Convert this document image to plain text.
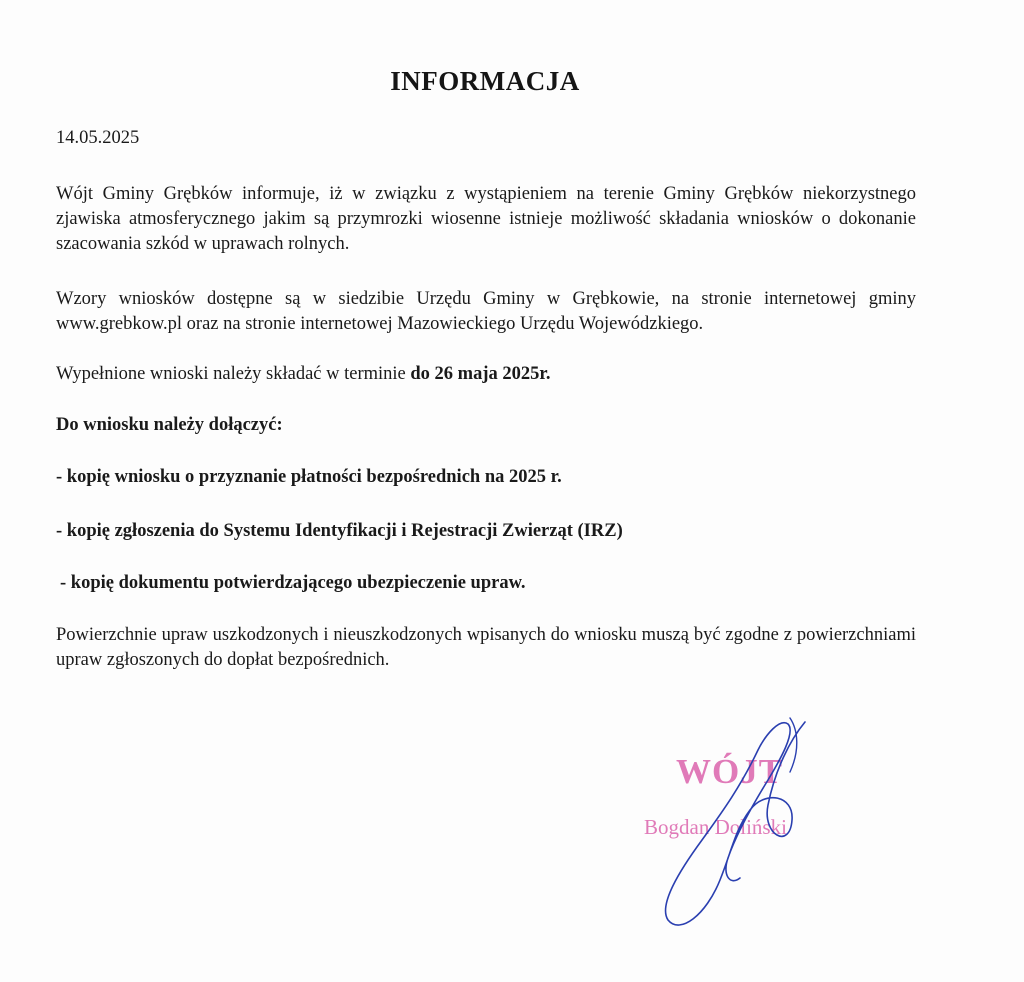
INFORMACJA
14.05.2025
Wójt Gminy Grębków informuje, iż w związku z wystąpieniem na terenie Gminy Grębków niekorzystnego zjawiska atmosferycznego jakim są przymrozki wiosenne istnieje możliwość składania wniosków o dokonanie szacowania szkód w uprawach rolnych.
Wzory wniosków dostępne są w siedzibie Urzędu Gminy w Grębkowie, na stronie internetowej gminy www.grebkow.pl oraz na stronie internetowej Mazowieckiego Urzędu Wojewódzkiego.
Wypełnione wnioski należy składać w terminie do 26 maja 2025r.
Do wniosku należy dołączyć:
- kopię wniosku o przyznanie płatności bezpośrednich na 2025 r.
- kopię zgłoszenia do Systemu Identyfikacji i Rejestracji Zwierząt (IRZ)
- kopię dokumentu potwierdzającego ubezpieczenie upraw.
Powierzchnie upraw uszkodzonych i nieuszkodzonych wpisanych do wniosku muszą być zgodne z powierzchniami upraw zgłoszonych do dopłat bezpośrednich.
WÓJT
Bogdan Doliński
